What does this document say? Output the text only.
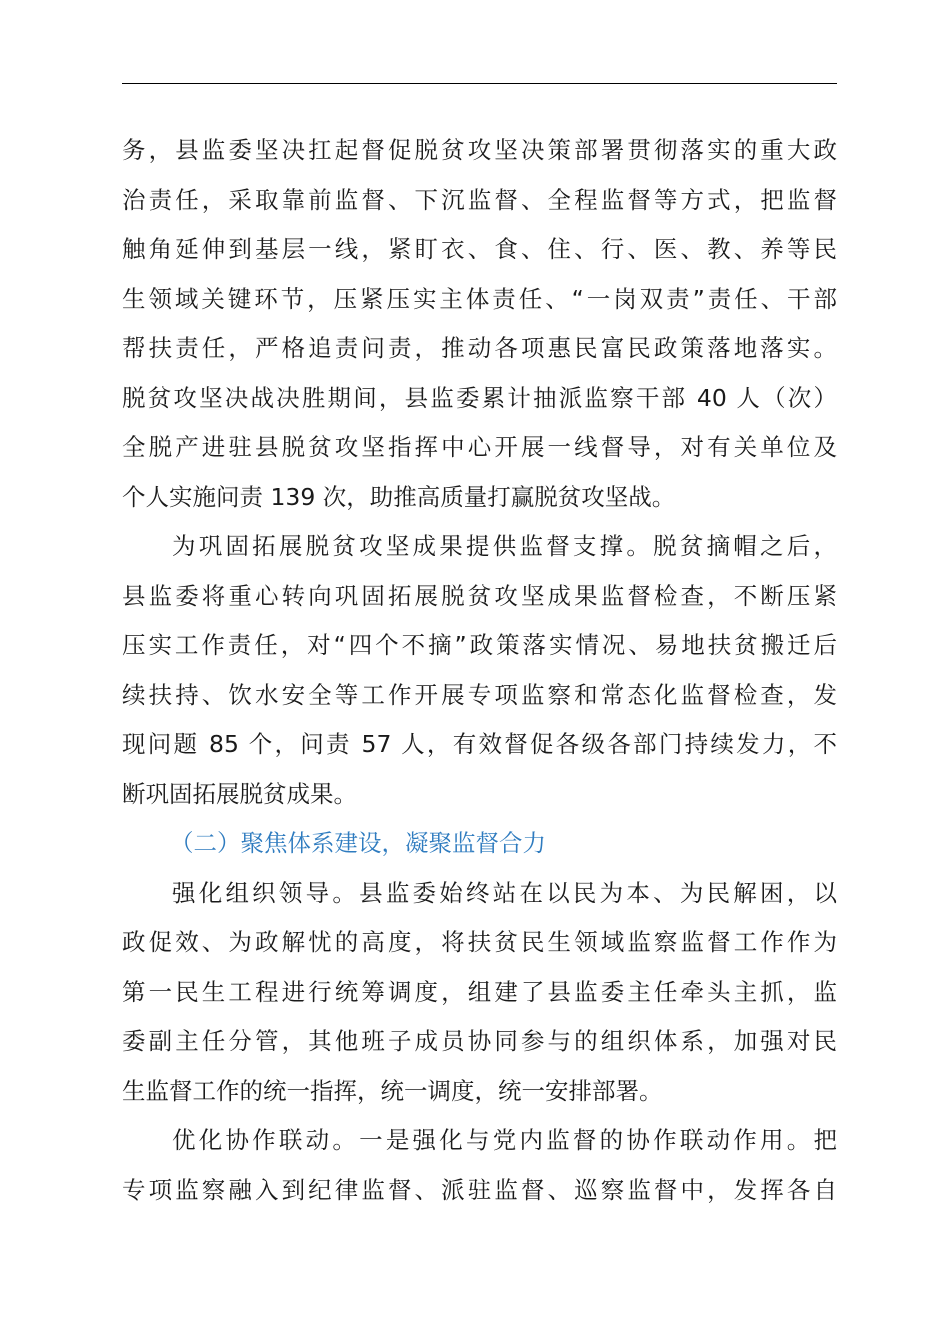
务，县监委坚决扛起督促脱贫攻坚决策部署贯彻落实的重大政
治责任，采取靠前监督、下沉监督、全程监督等方式，把监督
触角延伸到基层一线，紧盯衣、食、住、行、医、教、养等民
生领域关键环节，压紧压实主体责任、“一岗双责”责任、干部
帮扶责任，严格追责问责，推动各项惠民富民政策落地落实。
脱贫攻坚决战决胜期间，县监委累计抽派监察干部 40 人（次）
全脱产进驻县脱贫攻坚指挥中心开展一线督导，对有关单位及
个人实施问责 139 次，助推高质量打赢脱贫攻坚战。
为巩固拓展脱贫攻坚成果提供监督支撑。脱贫摘帽之后，
县监委将重心转向巩固拓展脱贫攻坚成果监督检查，不断压紧
压实工作责任，对“四个不摘”政策落实情况、易地扶贫搬迁后
续扶持、饮水安全等工作开展专项监察和常态化监督检查，发
现问题 85 个，问责 57 人，有效督促各级各部门持续发力，不
断巩固拓展脱贫成果。
（二）聚焦体系建设，凝聚监督合力
强化组织领导。县监委始终站在以民为本、为民解困，以
政促效、为政解忧的高度，将扶贫民生领域监察监督工作作为
第一民生工程进行统筹调度，组建了县监委主任牵头主抓，监
委副主任分管，其他班子成员协同参与的组织体系，加强对民
生监督工作的统一指挥，统一调度，统一安排部署。
优化协作联动。一是强化与党内监督的协作联动作用。把
专项监察融入到纪律监督、派驻监督、巡察监督中，发挥各自
